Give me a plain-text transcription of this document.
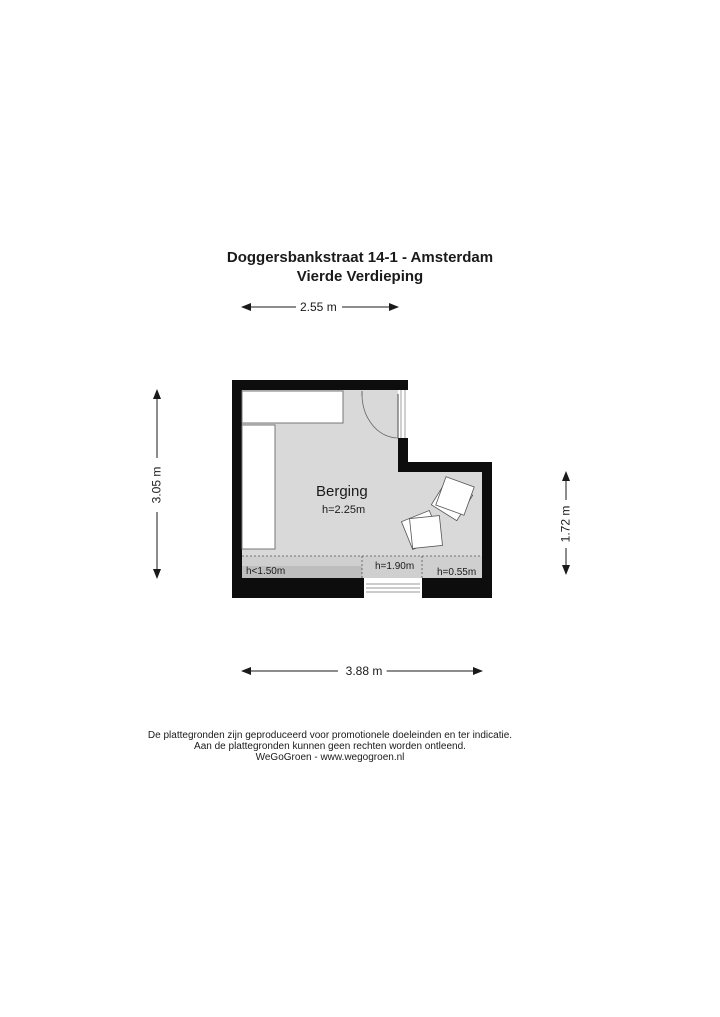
Doggersbankstraat 14-1 - Amsterdam
Vierde Verdieping
2.55 m
3.88 m
3.05 m
1.72 m
Berging
h=2.25m
h<1.50m	h=1.90m
h=0.55m

De plattegronden zijn geproduceerd voor promotionele doeleinden en ter indicatie.

Aan de plattegronden kunnen geen rechten worden ontleend.

WeGoGroen - www.wegogroen.nl
